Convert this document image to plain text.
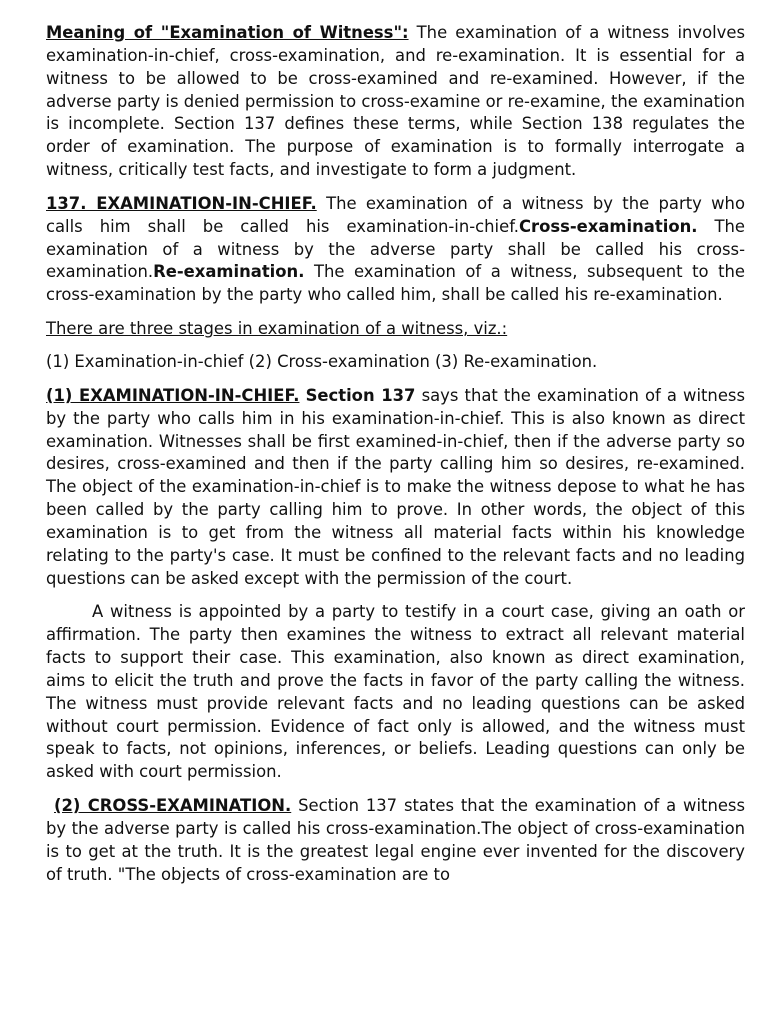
Meaning of "Examination of Witness": The examination of a witness involves examination-in-chief, cross-examination, and re-examination. It is essential for a witness to be allowed to be cross-examined and re-examined. However, if the adverse party is denied permission to cross-examine or re-examine, the examination is incomplete. Section 137 defines these terms, while Section 138 regulates the order of examination. The purpose of examination is to formally interrogate a witness, critically test facts, and investigate to form a judgment.

137. EXAMINATION-IN-CHIEF. The examination of a witness by the party who calls him shall be called his examination-in-chief.Cross-examination. The examination of a witness by the adverse party shall be called his cross-examination.Re-examination. The examination of a witness, subsequent to the cross-examination by the party who called him, shall be called his re-examination.

There are three stages in examination of a witness, viz.:

(1) Examination-in-chief (2) Cross-examination (3) Re-examination.

(1) EXAMINATION-IN-CHIEF. Section 137 says that the examination of a witness by the party who calls him in his examination-in-chief. This is also known as direct examination. Witnesses shall be first examined-in-chief, then if the adverse party so desires, cross-examined and then if the party calling him so desires, re-examined. The object of the examination-in-chief is to make the witness depose to what he has been called by the party calling him to prove. In other words, the object of this examination is to get from the witness all material facts within his knowledge relating to the party's case. It must be confined to the relevant facts and no leading questions can be asked except with the permission of the court.

A witness is appointed by a party to testify in a court case, giving an oath or affirmation. The party then examines the witness to extract all relevant material facts to support their case. This examination, also known as direct examination, aims to elicit the truth and prove the facts in favor of the party calling the witness. The witness must provide relevant facts and no leading questions can be asked without court permission. Evidence of fact only is allowed, and the witness must speak to facts, not opinions, inferences, or beliefs. Leading questions can only be asked with court permission.

(2) CROSS-EXAMINATION. Section 137 states that the examination of a witness by the adverse party is called his cross-examination.The object of cross-examination is to get at the truth. It is the greatest legal engine ever invented for the discovery of truth. "The objects of cross-examination are to
